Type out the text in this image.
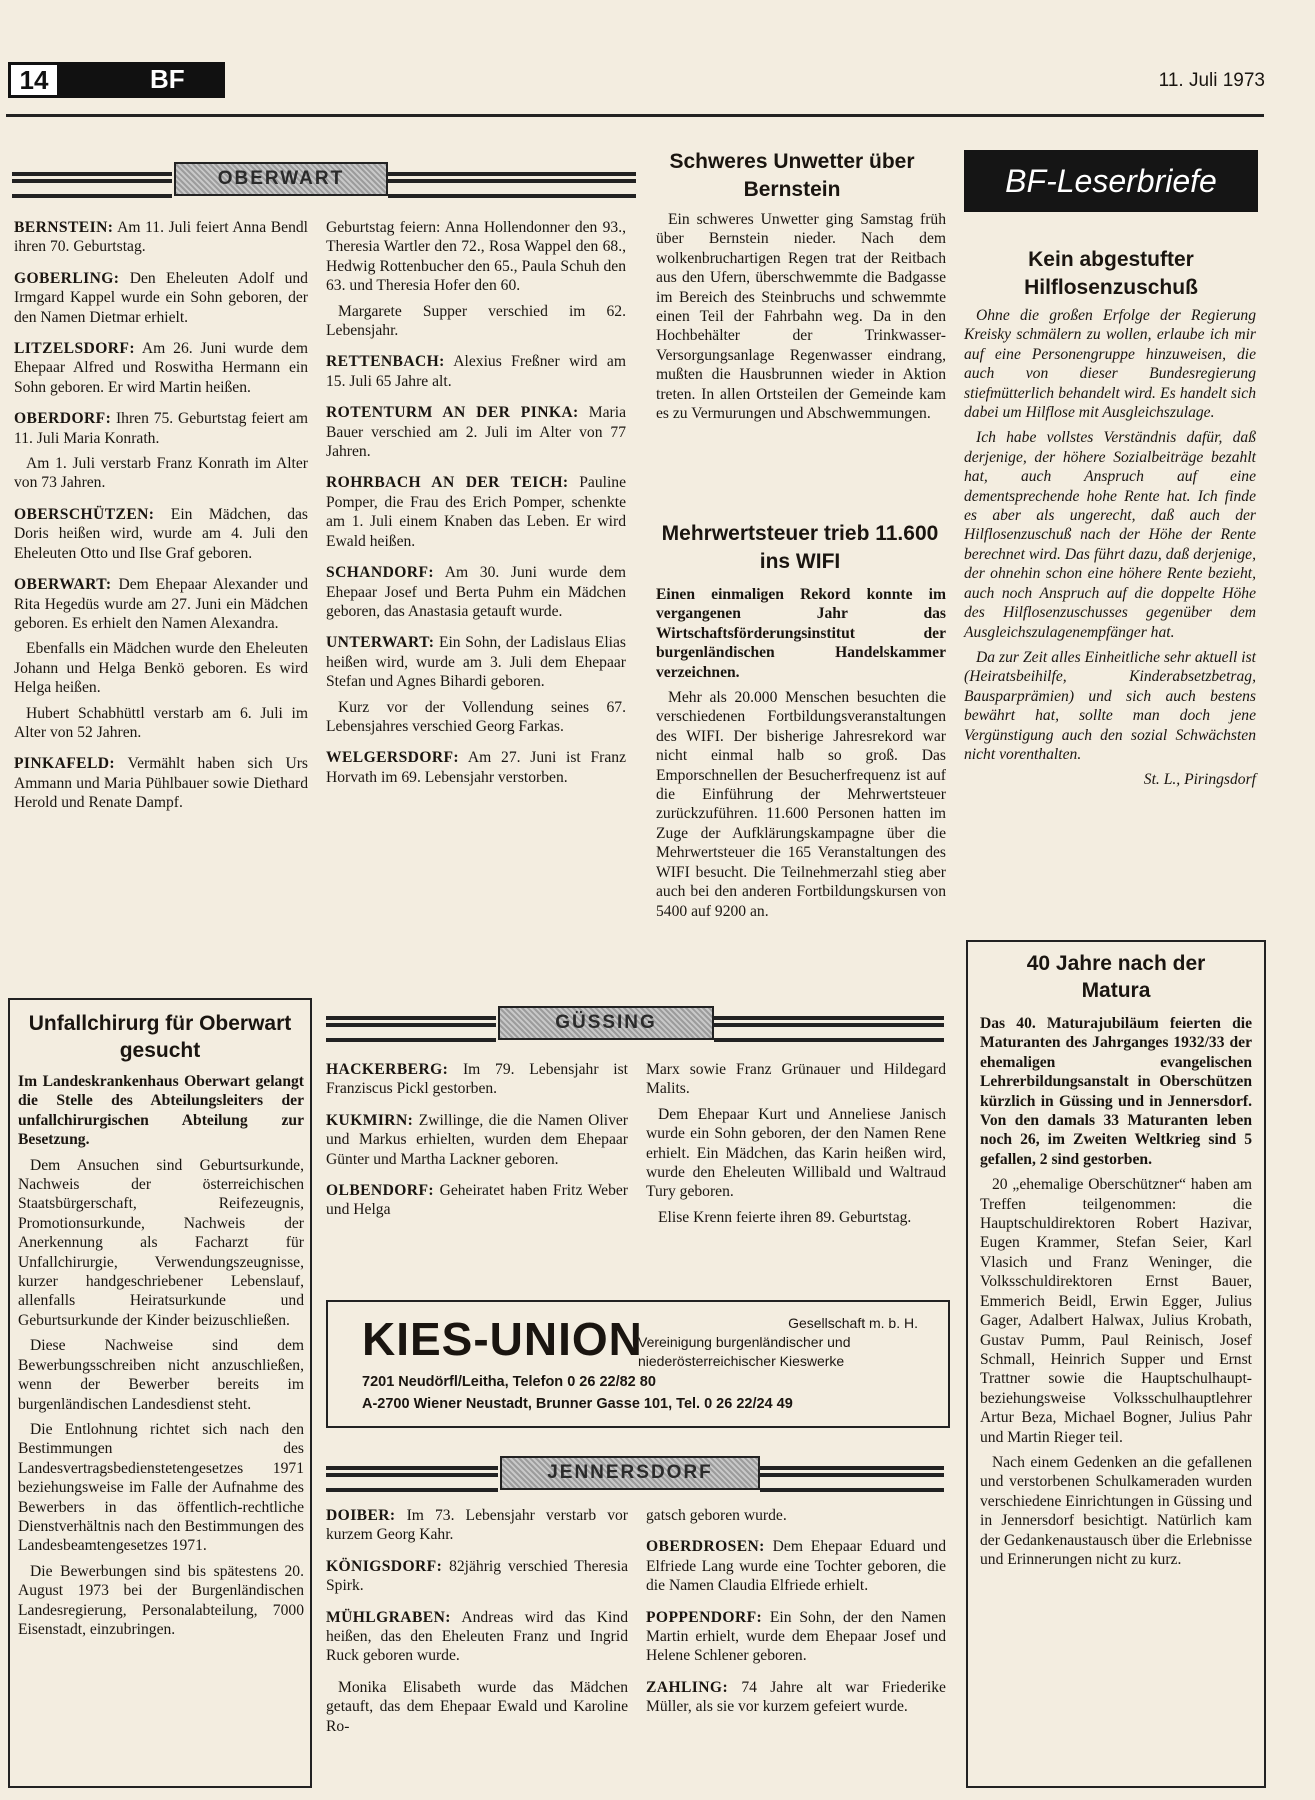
14	BF	11. Juli 1973
OBERWART

BERNSTEIN: Am 11. Juli feiert Anna Bendl ihren 70. Geburtstag.

GOBERLING: Den Eheleuten Adolf und Irmgard Kappel wurde ein Sohn geboren, der den Namen Dietmar erhielt.

LITZELSDORF: Am 26. Juni wurde dem Ehepaar Alfred und Roswitha Hermann ein Sohn geboren. Er wird Martin heißen.

OBERDORF: Ihren 75. Geburtstag feiert am 11. Juli Maria Konrath.

Am 1. Juli verstarb Franz Konrath im Alter von 73 Jahren.

OBERSCHÜTZEN: Ein Mädchen, das Doris heißen wird, wurde am 4. Juli den Eheleuten Otto und Ilse Graf geboren.

OBERWART: Dem Ehepaar Alexander und Rita Hegedüs wurde am 27. Juni ein Mädchen geboren. Es erhielt den Namen Alexandra.

Ebenfalls ein Mädchen wurde den Eheleuten Johann und Helga Benkö geboren. Es wird Helga heißen.

Hubert Schabhüttl verstarb am 6. Juli im Alter von 52 Jahren.

PINKAFELD: Vermählt haben sich Urs Ammann und Maria Pühlbauer sowie Diethard Herold und Renate Dampf.

Geburtstag feiern: Anna Hollendonner den 93., Theresia Wartler den 72., Rosa Wappel den 68., Hedwig Rottenbucher den 65., Paula Schuh den 63. und Theresia Hofer den 60.

Margarete Supper verschied im 62. Lebensjahr.

RETTENBACH: Alexius Freßner wird am 15. Juli 65 Jahre alt.

ROTENTURM AN DER PINKA: Maria Bauer verschied am 2. Juli im Alter von 77 Jahren.

ROHRBACH AN DER TEICH: Pauline Pomper, die Frau des Erich Pomper, schenkte am 1. Juli einem Knaben das Leben. Er wird Ewald heißen.

SCHANDORF: Am 30. Juni wurde dem Ehepaar Josef und Berta Puhm ein Mädchen geboren, das Anastasia getauft wurde.

UNTERWART: Ein Sohn, der Ladislaus Elias heißen wird, wurde am 3. Juli dem Ehepaar Stefan und Agnes Bihardi geboren.

Kurz vor der Vollendung seines 67. Lebensjahres verschied Georg Farkas.

WELGERSDORF: Am 27. Juni ist Franz Horvath im 69. Lebensjahr verstorben.

Schweres Unwetter über Bernstein

Ein schweres Unwetter ging Samstag früh über Bernstein nieder. Nach dem wolkenbruchartigen Regen trat der Reitbach aus den Ufern, überschwemmte die Badgasse im Bereich des Steinbruchs und schwemmte einen Teil der Fahrbahn weg. Da in den Hochbehälter der Trinkwasser-Versorgungsanlage Regenwasser eindrang, mußten die Hausbrunnen wieder in Aktion treten. In allen Ortsteilen der Gemeinde kam es zu Vermurungen und Abschwemmungen.

Mehrwertsteuer trieb 11.600 ins WIFI

Einen einmaligen Rekord konnte im vergangenen Jahr das Wirtschaftsförderungsinstitut der burgenländischen Handelskammer verzeichnen.

Mehr als 20.000 Menschen besuchten die verschiedenen Fortbildungsveranstaltungen des WIFI. Der bisherige Jahresrekord war nicht einmal halb so groß. Das Emporschnellen der Besucherfrequenz ist auf die Einführung der Mehrwertsteuer zurückzuführen. 11.600 Personen hatten im Zuge der Aufklärungskampagne über die Mehrwertsteuer die 165 Veranstaltungen des WIFI besucht. Die Teilnehmerzahl stieg aber auch bei den anderen Fortbildungskursen von 5400 auf 9200 an.

BF-Leserbriefe
Kein abgestufter Hilflosenzuschuß

Ohne die großen Erfolge der Regierung Kreisky schmälern zu wollen, erlaube ich mir auf eine Personengruppe hinzuweisen, die auch von dieser Bundesregierung stiefmütterlich behandelt wird. Es handelt sich dabei um Hilflose mit Ausgleichszulage.

Ich habe vollstes Verständnis dafür, daß derjenige, der höhere Sozialbeiträge bezahlt hat, auch Anspruch auf eine dementsprechende hohe Rente hat. Ich finde es aber als ungerecht, daß auch der Hilflosenzuschuß nach der Höhe der Rente berechnet wird. Das führt dazu, daß derjenige, der ohnehin schon eine höhere Rente bezieht, auch noch Anspruch auf die doppelte Höhe des Hilflosenzuschusses gegenüber dem Ausgleichszulagenempfänger hat.

Da zur Zeit alles Einheitliche sehr aktuell ist (Heiratsbeihilfe, Kinderabsetzbetrag, Bausparprämien) und sich auch bestens bewährt hat, sollte man doch jene Vergünstigung auch den sozial Schwächsten nicht vorenthalten.

St. L., Piringsdorf

Unfallchirurg für Oberwart gesucht

Im Landeskrankenhaus Oberwart gelangt die Stelle des Abteilungsleiters der unfallchirurgischen Abteilung zur Besetzung.

Dem Ansuchen sind Geburtsurkunde, Nachweis der österreichischen Staatsbürgerschaft, Reifezeugnis, Promotionsurkunde, Nachweis der Anerkennung als Facharzt für Unfallchirurgie, Verwendungszeugnisse, kurzer handgeschriebener Lebenslauf, allenfalls Heiratsurkunde und Geburtsurkunde der Kinder beizuschließen.

Diese Nachweise sind dem Bewerbungsschreiben nicht anzuschließen, wenn der Bewerber bereits im burgenländischen Landesdienst steht.

Die Entlohnung richtet sich nach den Bestimmungen des Landesvertragsbedienstetengesetzes 1971 beziehungsweise im Falle der Aufnahme des Bewerbers in das öffentlich-rechtliche Dienstverhältnis nach den Bestimmungen des Landesbeamtengesetzes 1971.

Die Bewerbungen sind bis spätestens 20. August 1973 bei der Burgenländischen Landesregierung, Personalabteilung, 7000 Eisenstadt, einzubringen.

GÜSSING

HACKERBERG: Im 79. Lebensjahr ist Franziscus Pickl gestorben.

KUKMIRN: Zwillinge, die die Namen Oliver und Markus erhielten, wurden dem Ehepaar Günter und Martha Lackner geboren.

OLBENDORF: Geheiratet haben Fritz Weber und Helga

Marx sowie Franz Grünauer und Hildegard Malits.

Dem Ehepaar Kurt und Anneliese Janisch wurde ein Sohn geboren, der den Namen Rene erhielt. Ein Mädchen, das Karin heißen wird, wurde den Eheleuten Willibald und Waltraud Tury geboren.

Elise Krenn feierte ihren 89. Geburtstag.

KIES-UNION	Gesellschaft m. b. H.
Vereinigung burgenländischer und
niederösterreichischer Kieswerke
7201 Neudörfl/Leitha, Telefon 0 26 22/82 80
A-2700 Wiener Neustadt, Brunner Gasse 101, Tel. 0 26 22/24 49
JENNERSDORF

DOIBER: Im 73. Lebensjahr verstarb vor kurzem Georg Kahr.

KÖNIGSDORF: 82jährig verschied Theresia Spirk.

MÜHLGRABEN: Andreas wird das Kind heißen, das den Eheleuten Franz und Ingrid Ruck geboren wurde.

Monika Elisabeth wurde das Mädchen getauft, das dem Ehepaar Ewald und Karoline Ro-

gatsch geboren wurde.

OBERDROSEN: Dem Ehepaar Eduard und Elfriede Lang wurde eine Tochter geboren, die die Namen Claudia Elfriede erhielt.

POPPENDORF: Ein Sohn, der den Namen Martin erhielt, wurde dem Ehepaar Josef und Helene Schlener geboren.

ZAHLING: 74 Jahre alt war Friederike Müller, als sie vor kurzem gefeiert wurde.

40 Jahre nach der Matura

Das 40. Maturajubiläum feierten die Maturanten des Jahrganges 1932/33 der ehemaligen evangelischen Lehrerbildungsanstalt in Oberschützen kürzlich in Güssing und in Jennersdorf. Von den damals 33 Maturanten leben noch 26, im Zweiten Weltkrieg sind 5 gefallen, 2 sind gestorben.

20 „ehemalige Oberschützner“ haben am Treffen teilgenommen: die Hauptschuldirektoren Robert Hazivar, Eugen Krammer, Stefan Seier, Karl Vlasich und Franz Weninger, die Volksschuldirektoren Ernst Bauer, Emmerich Beidl, Erwin Egger, Julius Gager, Adalbert Halwax, Julius Krobath, Gustav Pumm, Paul Reinisch, Josef Schmall, Heinrich Supper und Ernst Trattner sowie die Hauptschulhaupt- beziehungsweise Volksschulhauptlehrer Artur Beza, Michael Bogner, Julius Pahr und Martin Rieger teil.

Nach einem Gedenken an die gefallenen und verstorbenen Schulkameraden wurden verschiedene Einrichtungen in Güssing und in Jennersdorf besichtigt. Natürlich kam der Gedankenaustausch über die Erlebnisse und Erinnerungen nicht zu kurz.
